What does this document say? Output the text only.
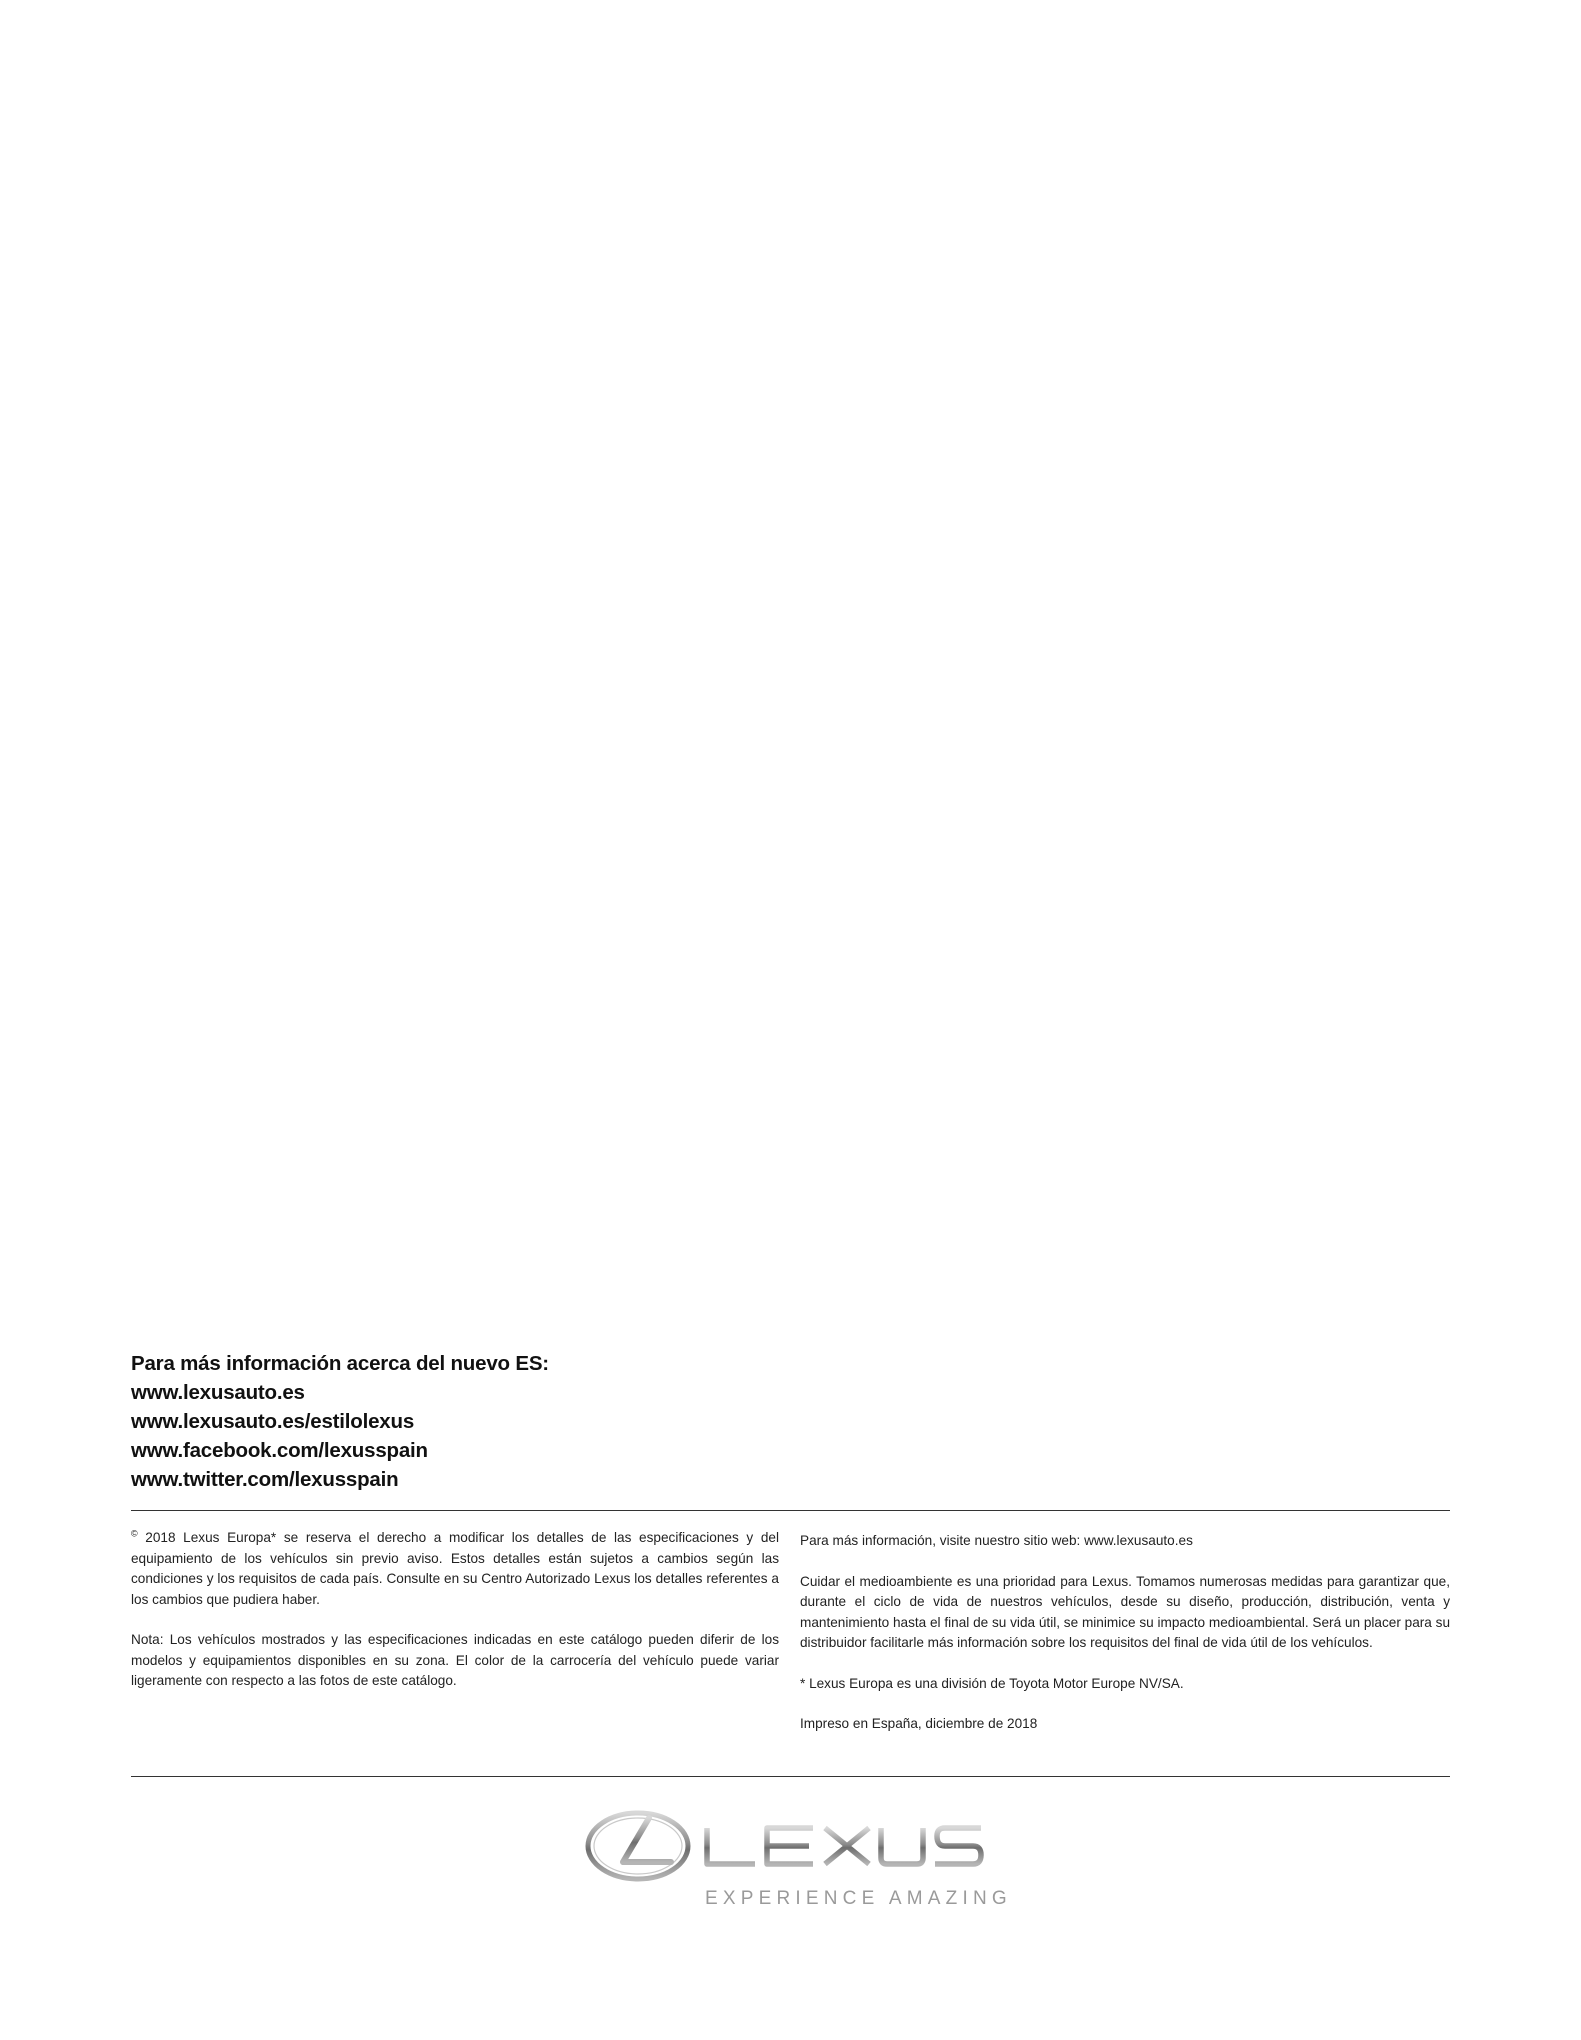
Para más información acerca del nuevo ES:
www.lexusauto.es
www.lexusauto.es/estilolexus
www.facebook.com/lexusspain
www.twitter.com/lexusspain

© 2018 Lexus Europa* se reserva el derecho a modificar los detalles de las especificaciones y del equipamiento de los vehículos sin previo aviso. Estos detalles están sujetos a cambios según las condiciones y los requisitos de cada país. Consulte en su Centro Autorizado Lexus los detalles referentes a los cambios que pudiera haber.

Nota: Los vehículos mostrados y las especificaciones indicadas en este catálogo pueden diferir de los modelos y equipamientos disponibles en su zona. El color de la carrocería del vehículo puede variar ligeramente con respecto a las fotos de este catálogo.

Para más información, visite nuestro sitio web: www.lexusauto.es

Cuidar el medioambiente es una prioridad para Lexus. Tomamos numerosas medidas para garantizar que, durante el ciclo de vida de nuestros vehículos, desde su diseño, producción, distribución, venta y mantenimiento hasta el final de su vida útil, se minimice su impacto medioambiental. Será un placer para su distribuidor facilitarle más información sobre los requisitos del final de vida útil de los vehículos.

* Lexus Europa es una división de Toyota Motor Europe NV/SA.

Impreso en España, diciembre de 2018

EXPERIENCE AMAZING
